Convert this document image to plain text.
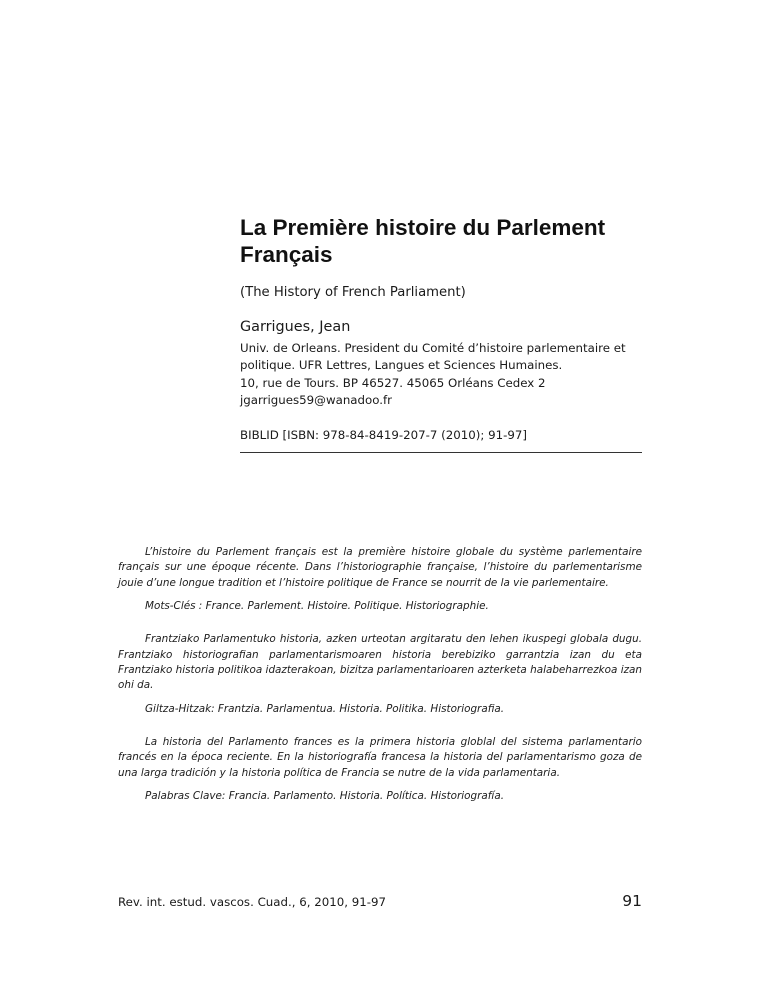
La Première histoire du Parlement Français
(The History of French Parliament)
Garrigues, Jean
Univ. de Orleans. President du Comité d’histoire parlementaire et
politique. UFR Lettres, Langues et Sciences Humaines.
10, rue de Tours. BP 46527. 45065 Orléans Cedex 2
jgarrigues59@wanadoo.fr
BIBLID [ISBN: 978-84-8419-207-7 (2010); 91-97]

L’histoire du Parlement français est la première histoire globale du système parlementaire français sur une époque récente. Dans l’historiographie française, l’histoire du parlementarisme jouie d’une longue tradition et l’histoire politique de France se nourrit de la vie parlementaire.

Mots-Clés : France. Parlement. Histoire. Politique. Historiographie.

Frantziako Parlamentuko historia, azken urteotan argitaratu den lehen ikuspegi globala dugu. Frantziako historiografian parlamentarismoaren historia berebiziko garrantzia izan du eta Frantziako historia politikoa idazterakoan, bizitza parlamentarioaren azterketa halabeharrezkoa izan ohi da.

Giltza-Hitzak: Frantzia. Parlamentua. Historia. Politika. Historiografia.

La historia del Parlamento frances es la primera historia globlal del sistema parlamentario francés en la época reciente. En la historiografía francesa la historia del parlamentarismo goza de una larga tradición y la historia política de Francia se nutre de la vida parlamentaria.

Palabras Clave: Francia. Parlamento. Historia. Política. Historiografía.

Rev. int. estud. vascos. Cuad., 6, 2010, 91-97	91
